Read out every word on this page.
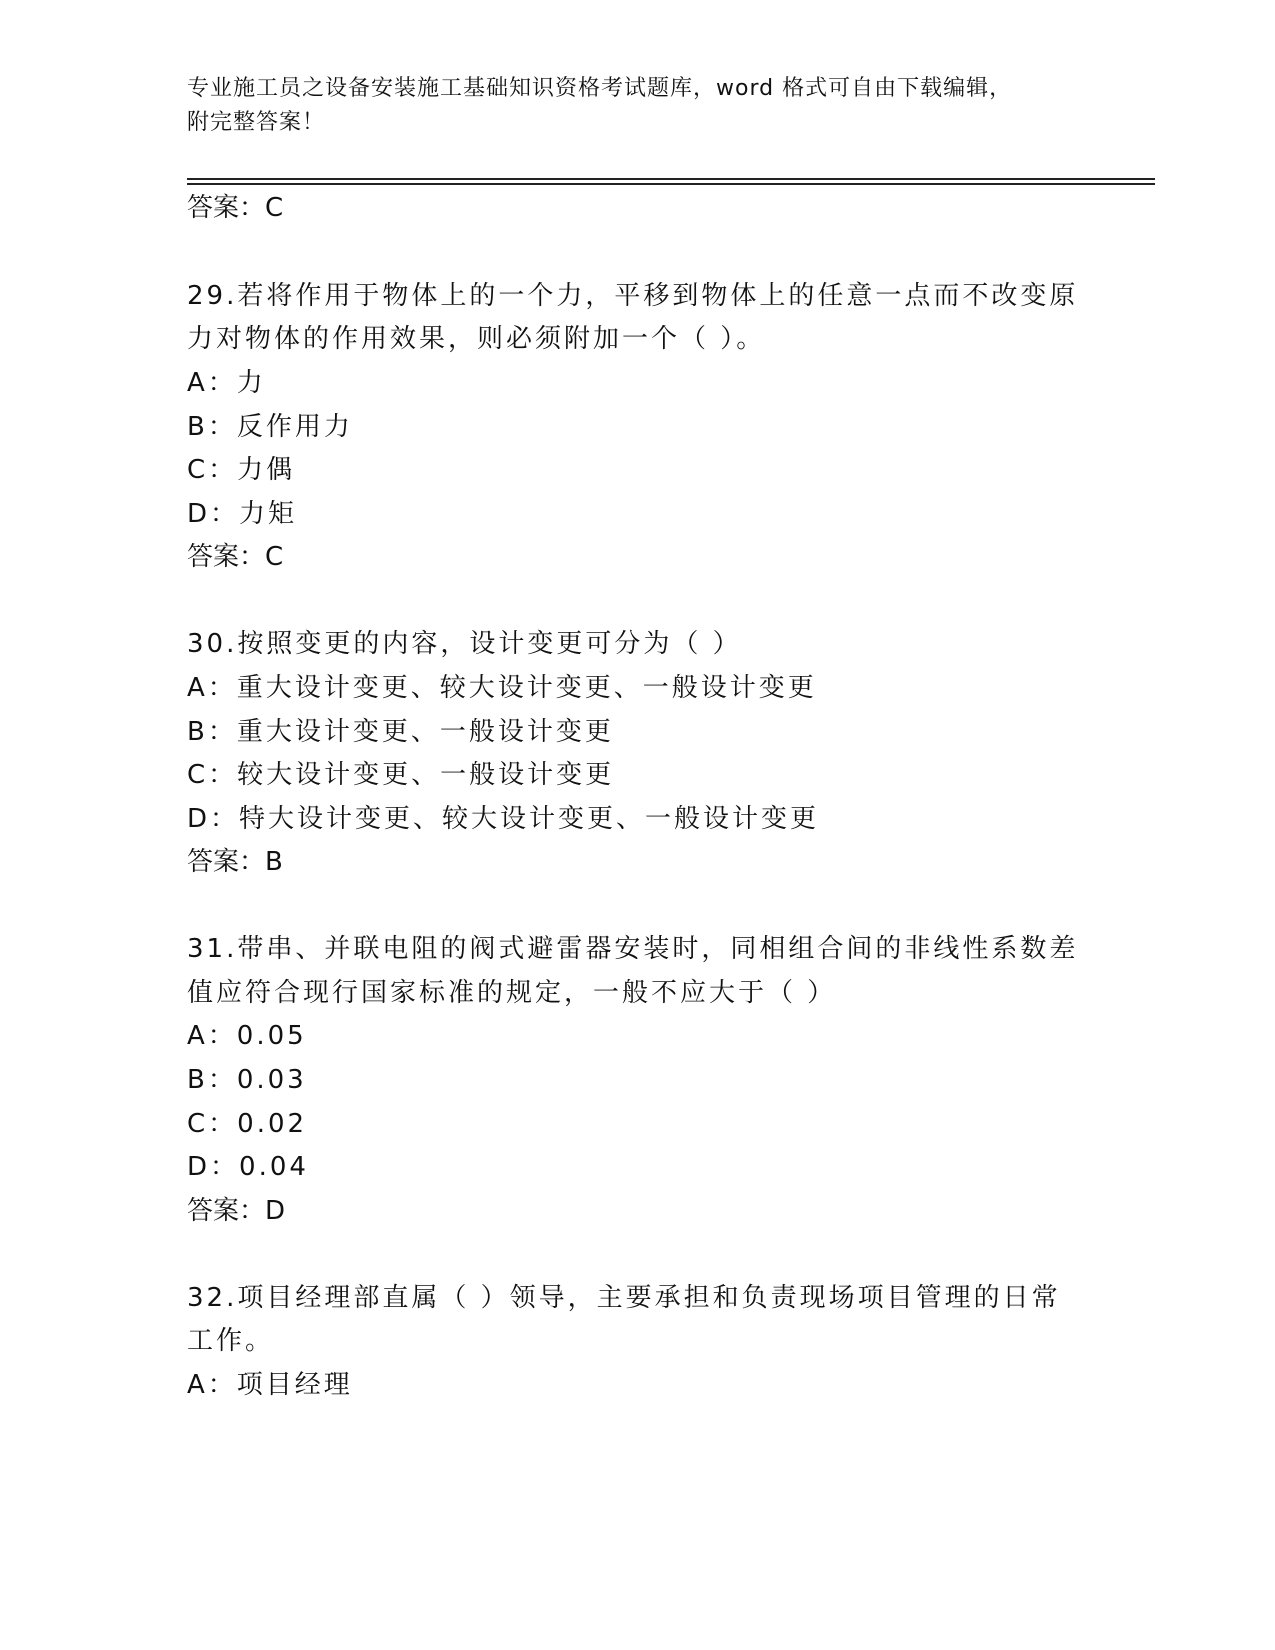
专业施工员之设备安装施工基础知识资格考试题库，word 格式可自由下载编辑，
附完整答案！
答案：C
29.若将作用于物体上的一个力，平移到物体上的任意一点而不改变原
力对物体的作用效果，则必须附加一个（ ）。
A：力
B：反作用力
C：力偶
D：力矩
答案：C
30.按照变更的内容，设计变更可分为（ ）
A：重大设计变更、较大设计变更、一般设计变更
B：重大设计变更、一般设计变更
C：较大设计变更、一般设计变更
D：特大设计变更、较大设计变更、一般设计变更
答案：B
31.带串、并联电阻的阀式避雷器安装时，同相组合间的非线性系数差
值应符合现行国家标准的规定，一般不应大于（ ）
A：0.05
B：0.03
C：0.02
D：0.04
答案：D
32.项目经理部直属（ ）领导，主要承担和负责现场项目管理的日常
工作。
A：项目经理
